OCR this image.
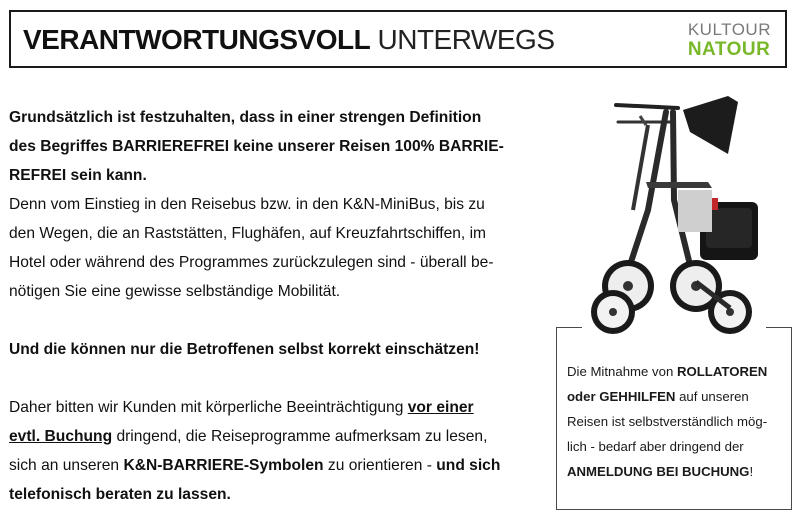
VERANTWORTUNGSVOLL UNTERWEGS	KULTOUR
NATOUR

Grundsätzlich ist festzuhalten, dass in einer strengen Definition
des Begriffes BARRIEREFREI keine unserer Reisen 100% BARRIE-
REFREI sein kann.
Denn vom Einstieg in den Reisebus bzw. in den K&N-MiniBus, bis zu
den Wegen, die an Raststätten, Flughäfen, auf Kreuzfahrtschiffen, im
Hotel oder während des Programmes zurückzulegen sind - überall be-
nötigen Sie eine gewisse selbständige Mobilität.

Und die können nur die Betroffenen selbst korrekt einschätzen!

Daher bitten wir Kunden mit körperliche Beeinträchtigung vor einer
evtl. Buchung dringend, die Reiseprogramme aufmerksam zu lesen,
sich an unseren K&N-BARRIERE-Symbolen zu orientieren - und sich
telefonisch beraten zu lassen.

Die Mitnahme von ROLLATOREN
oder GEHHILFEN auf unseren
Reisen ist selbstverständlich mög-
lich - bedarf aber dringend der
ANMELDUNG BEI BUCHUNG!
